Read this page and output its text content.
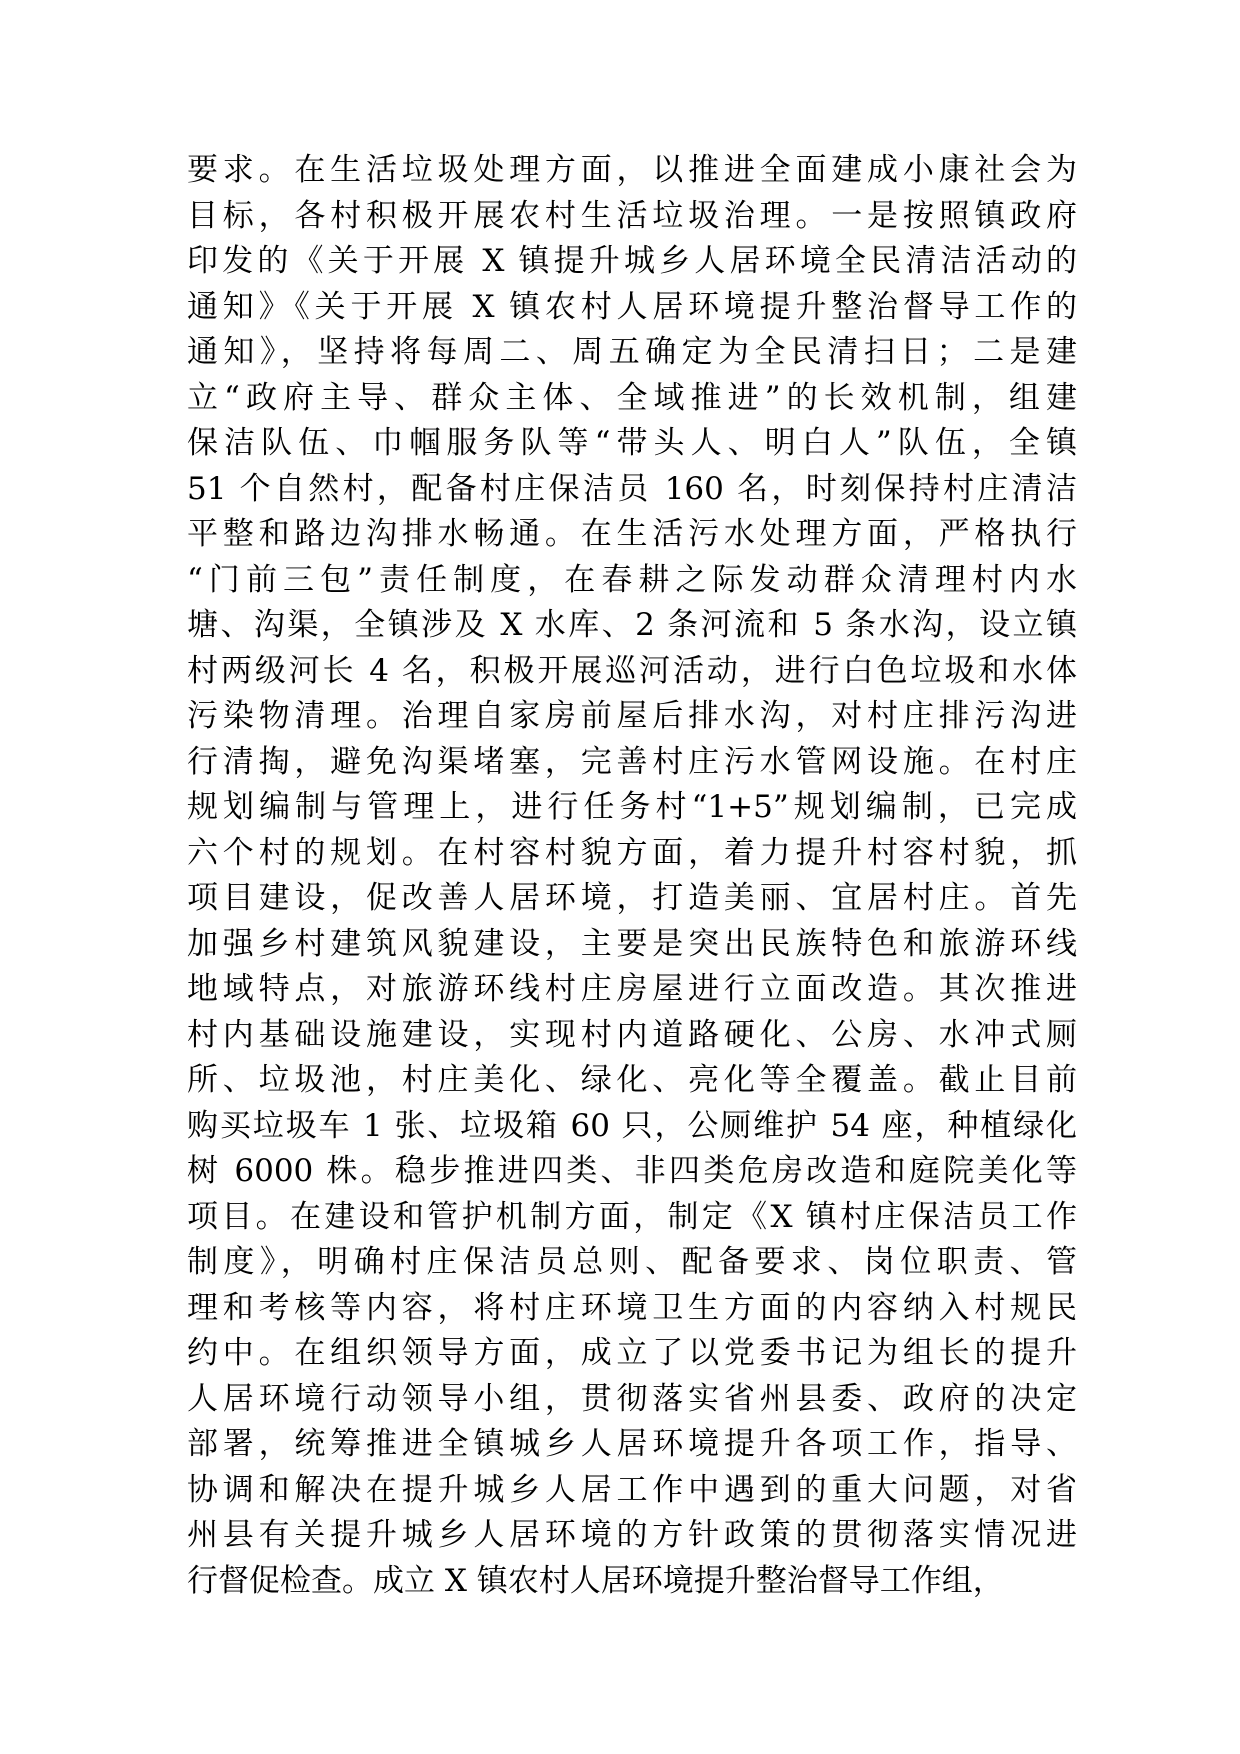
要求。在生活垃圾处理方面，以推进全面建成小康社会为
目标，各村积极开展农村生活垃圾治理。一是按照镇政府
印发的《关于开展 X 镇提升城乡人居环境全民清洁活动的
通知》《关于开展 X 镇农村人居环境提升整治督导工作的
通知》，坚持将每周二、周五确定为全民清扫日；二是建
立“政府主导、群众主体、全域推进”的长效机制，组建
保洁队伍、巾帼服务队等“带头人、明白人”队伍，全镇
51 个自然村，配备村庄保洁员 160 名，时刻保持村庄清洁
平整和路边沟排水畅通。在生活污水处理方面，严格执行
“门前三包”责任制度，在春耕之际发动群众清理村内水
塘、沟渠，全镇涉及 X 水库、2 条河流和 5 条水沟，设立镇
村两级河长 4 名，积极开展巡河活动，进行白色垃圾和水体
污染物清理。治理自家房前屋后排水沟，对村庄排污沟进
行清掏，避免沟渠堵塞，完善村庄污水管网设施。在村庄
规划编制与管理上，进行任务村“1+5”规划编制，已完成
六个村的规划。在村容村貌方面，着力提升村容村貌，抓
项目建设，促改善人居环境，打造美丽、宜居村庄。首先
加强乡村建筑风貌建设，主要是突出民族特色和旅游环线
地域特点，对旅游环线村庄房屋进行立面改造。其次推进
村内基础设施建设，实现村内道路硬化、公房、水冲式厕
所、垃圾池，村庄美化、绿化、亮化等全覆盖。截止目前
购买垃圾车 1 张、垃圾箱 60 只，公厕维护 54 座，种植绿化
树 6000 株。稳步推进四类、非四类危房改造和庭院美化等
项目。在建设和管护机制方面，制定《X 镇村庄保洁员工作
制度》，明确村庄保洁员总则、配备要求、岗位职责、管
理和考核等内容，将村庄环境卫生方面的内容纳入村规民
约中。在组织领导方面，成立了以党委书记为组长的提升
人居环境行动领导小组，贯彻落实省州县委、政府的决定
部署，统筹推进全镇城乡人居环境提升各项工作，指导、
协调和解决在提升城乡人居工作中遇到的重大问题，对省
州县有关提升城乡人居环境的方针政策的贯彻落实情况进
行督促检查。成立 X 镇农村人居环境提升整治督导工作组，
